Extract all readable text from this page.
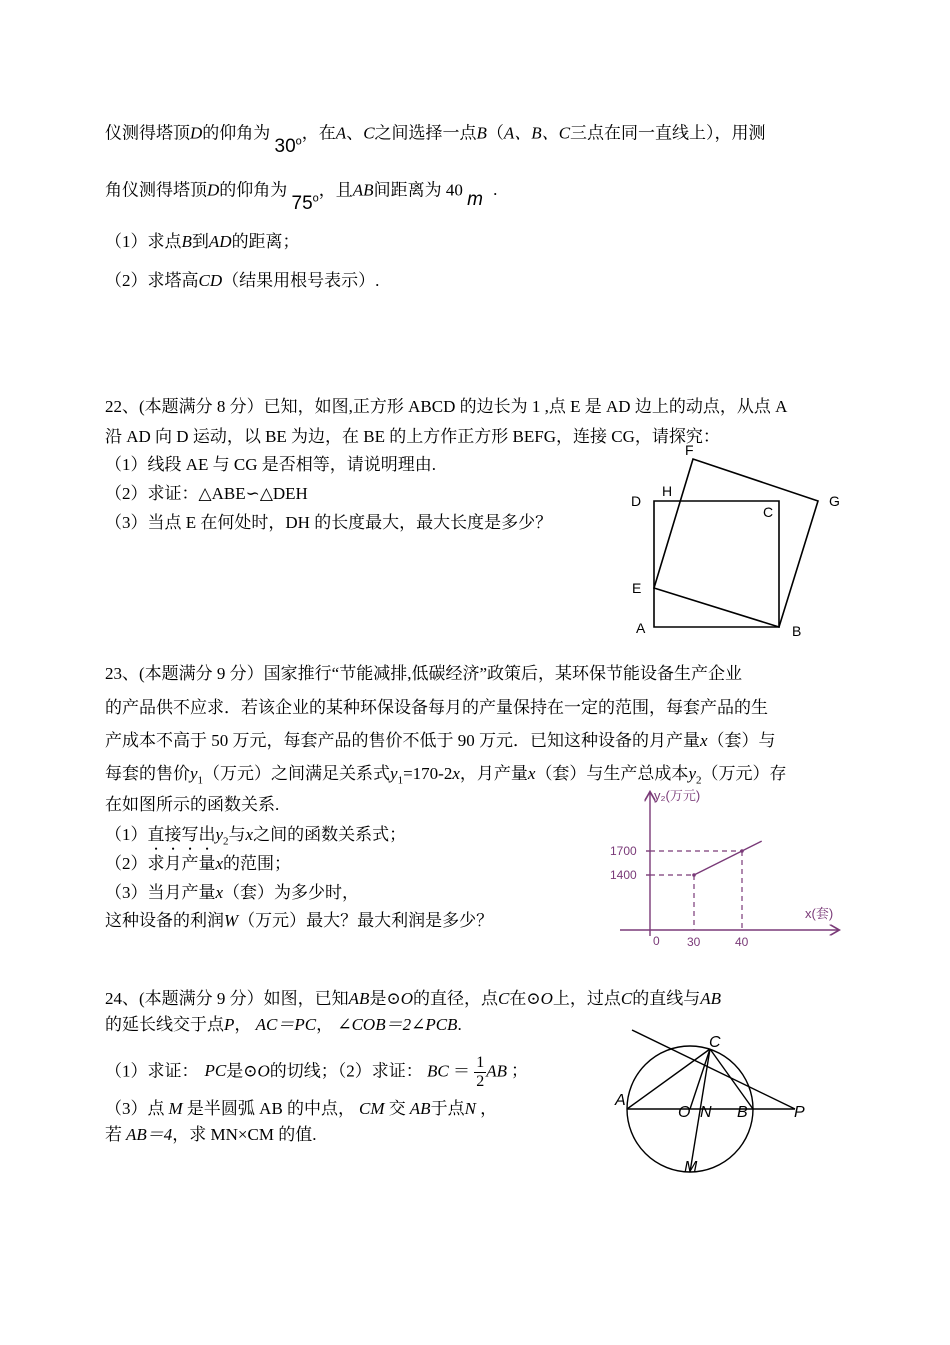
仪测得塔顶D的仰角为 30$^o$，在A、C之间选择一点B（A、B、C三点在同一直线上），用测
角仪测得塔顶D的仰角为 75$^o$，且AB间距离为 40 m .
（1）求点B到AD的距离；
（2）求塔高CD（结果用根号表示）.
22、(本题满分 8 分）已知，如图,正方形 ABCD 的边长为 1 ,点 E 是 AD 边上的动点，从点 A
沿 AD 向 D 运动，以 BE 为边，在 BE 的上方作正方形 BEFG，连接 CG，请探究：
（1）线段 AE 与 CG 是否相等，请说明理由.
（2）求证：△ABE∽△DEH
（3）当点 E 在何处时，DH 的长度最大，最大长度是多少？
F
D
H
C
G
E
A	B
23、(本题满分 9 分）国家推行“节能减排,低碳经济”政策后，某环保节能设备生产企业
的产品供不应求．若该企业的某种环保设备每月的产量保持在一定的范围，每套产品的生
产成本不高于 50 万元，每套产品的售价不低于 90 万元．已知这种设备的月产量x（套）与
每套的售价$y_1$（万元）之间满足关系式$y_1=170-2x$，月产量x（套）与生产总成本$y_2$（万元）存
在如图所示的函数关系.
（1）直接写出$y_2$与x之间的函数关系式；
（2）求月产量x的范围；
（3）当月产量x（套）为多少时，
这种设备的利润W（万元）最大？最大利润是多少？
y₂(万元)
x(套)
0 30	40
1400
1700
24、(本题满分 9 分）如图，已知AB是⊙O的直径，点C在⊙O上，过点C的直线与AB
的延长线交于点P， AC＝PC， ∠COB＝2∠PCB.
（1）求证： PC是⊙O的切线；（2）求证： BC ＝ $\frac{1}{2}$ AB ；
（3）点 M 是半圆弧 AB 的中点， CM 交 AB于点N ，
若 AB＝4，求 MN×CM 的值.
C
A
O N B	P
M
